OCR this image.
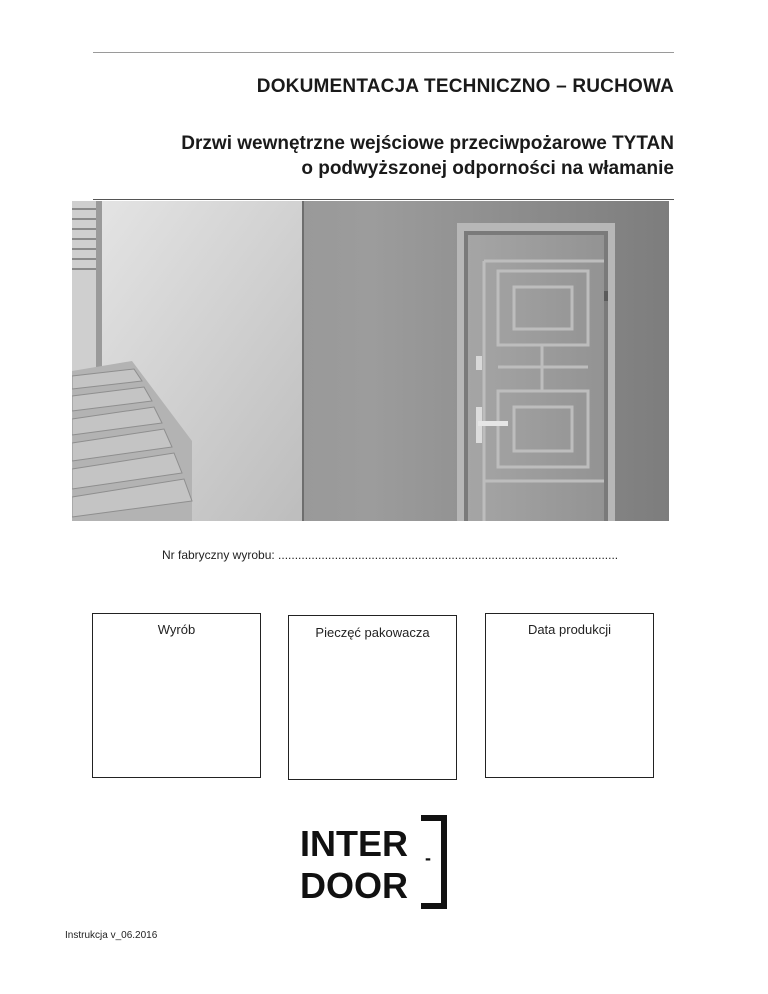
DOKUMENTACJA TECHNICZNO – RUCHOWA
Drzwi wewnętrzne wejściowe przeciwpożarowe TYTAN
o podwyższonej odporności na włamanie
Nr fabryczny wyrobu: ......................................................................................................
Wyrób	Pieczęć pakowacza	Data produkcji
INTER
DOOR
-
Instrukcja v_06.2016
